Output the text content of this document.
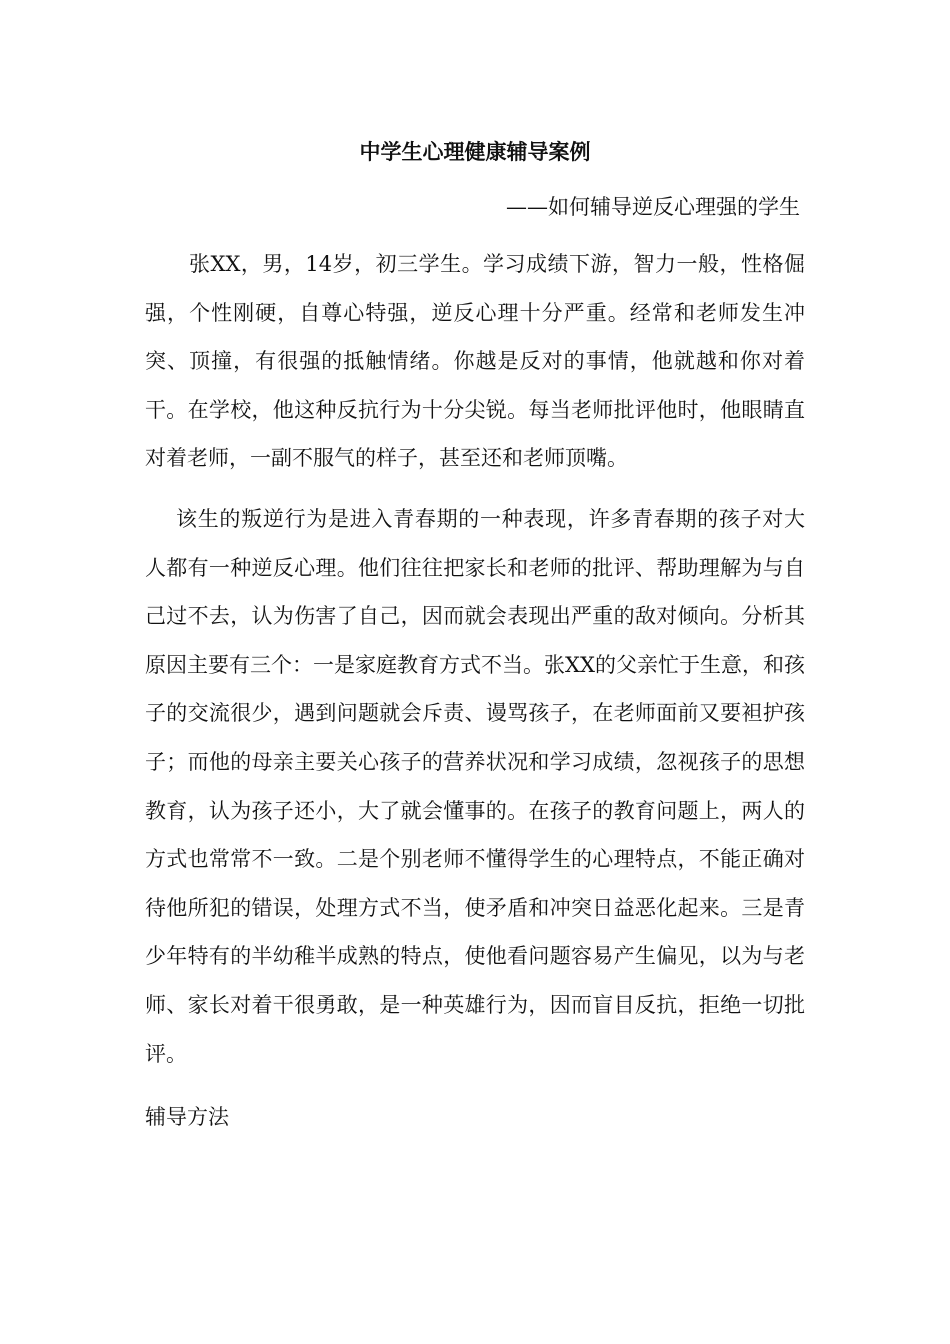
中学生心理健康辅导案例
——如何辅导逆反心理强的学生

张XX，男，14岁，初三学生。学习成绩下游，智力一般，性格倔强，个性刚硬，自尊心特强，逆反心理十分严重。经常和老师发生冲突、顶撞，有很强的抵触情绪。你越是反对的事情，他就越和你对着干。在学校，他这种反抗行为十分尖锐。每当老师批评他时，他眼睛直对着老师，一副不服气的样子，甚至还和老师顶嘴。

该生的叛逆行为是进入青春期的一种表现，许多青春期的孩子对大人都有一种逆反心理。他们往往把家长和老师的批评、帮助理解为与自己过不去，认为伤害了自己，因而就会表现出严重的敌对倾向。分析其原因主要有三个：一是家庭教育方式不当。张XX的父亲忙于生意，和孩子的交流很少，遇到问题就会斥责、谩骂孩子，在老师面前又要袒护孩子；而他的母亲主要关心孩子的营养状况和学习成绩，忽视孩子的思想教育，认为孩子还小，大了就会懂事的。在孩子的教育问题上，两人的方式也常常不一致。二是个别老师不懂得学生的心理特点，不能正确对待他所犯的错误，处理方式不当，使矛盾和冲突日益恶化起来。三是青少年特有的半幼稚半成熟的特点，使他看问题容易产生偏见，以为与老师、家长对着干很勇敢，是一种英雄行为，因而盲目反抗，拒绝一切批评。

辅导方法
